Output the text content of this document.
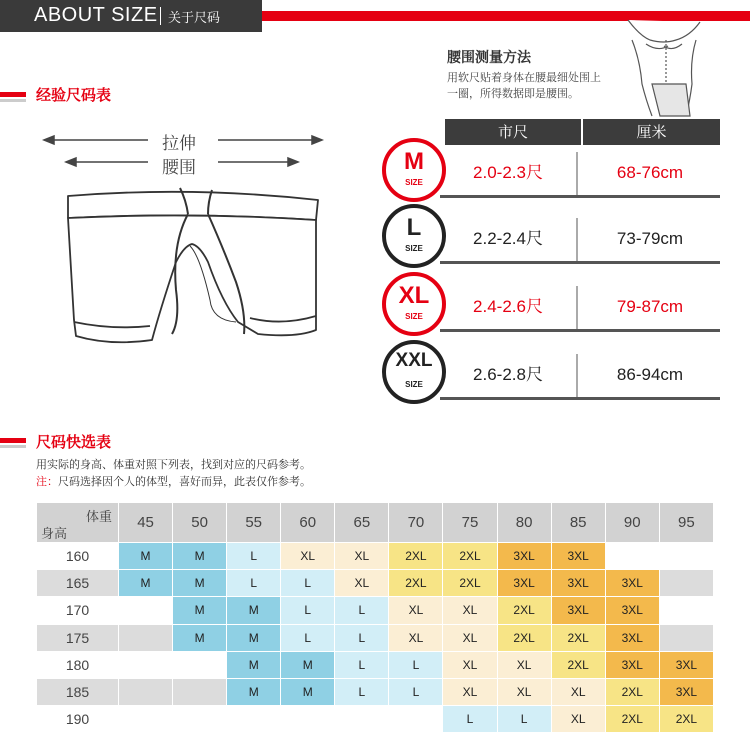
ABOUT SIZE 关于尺码
经验尺码表
拉伸
腰围
腰围测量方法
用软尺贴着身体在腰最细处围上
一圈，所得数据即是腰围。
市尺	厘米
2.0-2.3尺	68-76cm
2.2-2.4尺	73-79cm
2.4-2.6尺	79-87cm
2.6-2.8尺	86-94cm
尺码快选表
用实际的身高、体重对照下列表，找到对应的尺码参考。
注：尺码选择因个人的体型，喜好而异，此表仅作参考。
体重
身高	45	50	55	60	65	70	75	80	85	90	95
160	M	M	L	XL	XL	2XL	2XL	3XL	3XL		
165	M	M	L	L	XL	2XL	2XL	3XL	3XL	3XL	
170		M	M	L	L	XL	XL	2XL	3XL	3XL	
175		M	M	L	L	XL	XL	2XL	2XL	3XL	
180			M	M	L	L	XL	XL	2XL	3XL	3XL
185			M	M	L	L	XL	XL	XL	2XL	3XL
190							L	L	XL	2XL	2XL
M
SIZE
L
SIZE
XL
SIZE
XXL
SIZE
